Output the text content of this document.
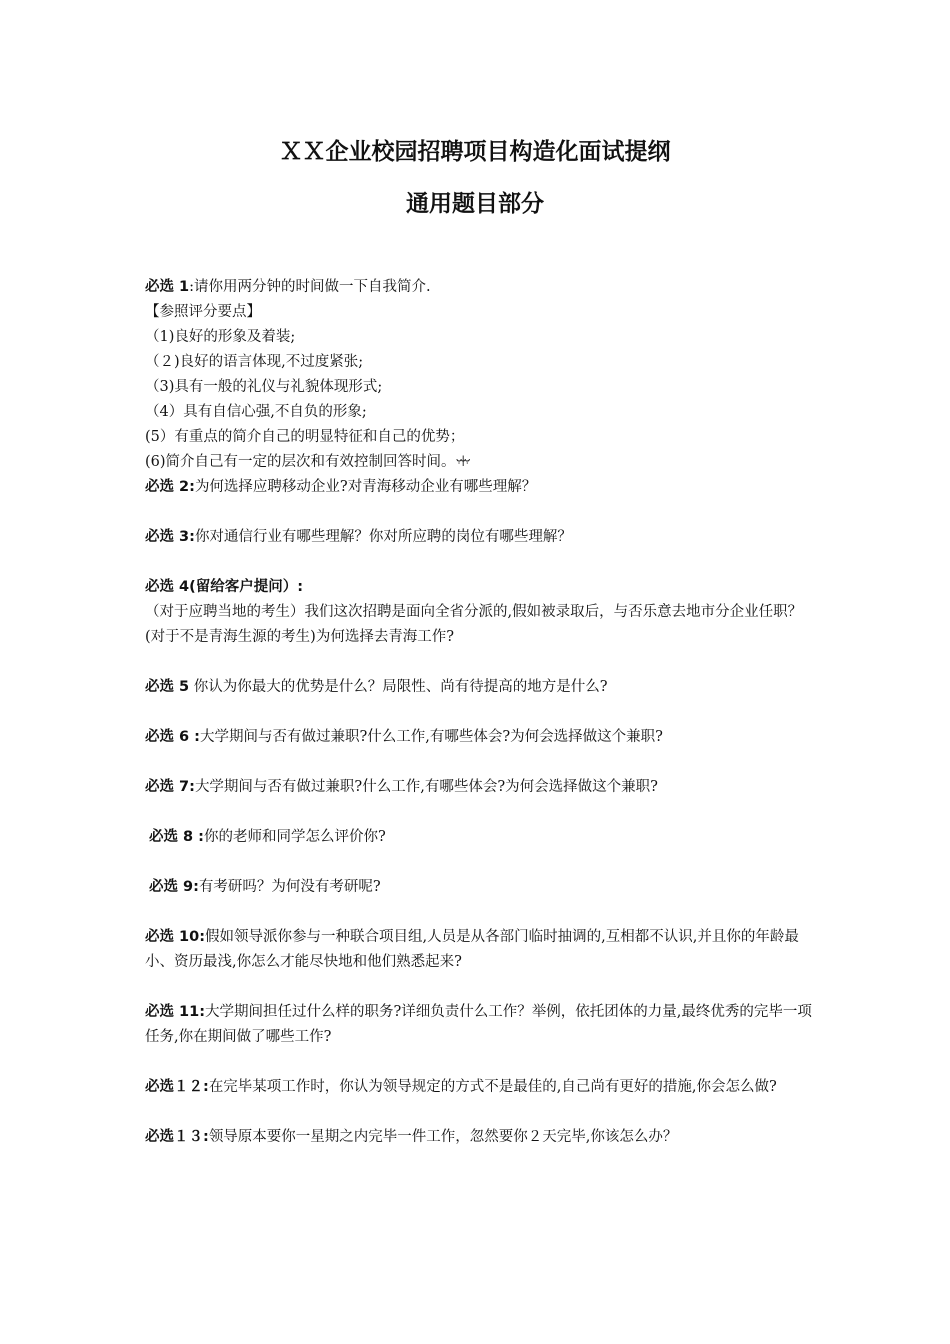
ＸＸ企业校园招聘项目构造化面试提纲
通用题目部分
必选 1:请你用两分钟的时间做一下自我简介.
【参照评分要点】
（1)良好的形象及着装;
（２)良好的语言体现,不过度紧张;
（3)具有一般的礼仪与礼貌体现形式;
（4）具有自信心强,不自负的形象;
(5）有重点的简介自己的明显特征和自己的优势；
(6)简介自己有一定的层次和有效控制回答时间。ꗼ
必选 2:为何选择应聘移动企业?对青海移动企业有哪些理解？
必选 3:你对通信行业有哪些理解？你对所应聘的岗位有哪些理解？
必选 4(留给客户提问）:
（对于应聘当地的考生）我们这次招聘是面向全省分派的,假如被录取后，与否乐意去地市分企业任职？
(对于不是青海生源的考生)为何选择去青海工作?
必选 5 你认为你最大的优势是什么？局限性、尚有待提高的地方是什么?
必选 6 :大学期间与否有做过兼职?什么工作,有哪些体会?为何会选择做这个兼职?
必选 7:大学期间与否有做过兼职?什么工作,有哪些体会?为何会选择做这个兼职?
必选 8 :你的老师和同学怎么评价你?
必选 9:有考研吗？为何没有考研呢?
必选 10:假如领导派你参与一种联合项目组,人员是从各部门临时抽调的,互相都不认识,并且你的年龄最小、资历最浅,你怎么才能尽快地和他们熟悉起来?
必选 11:大学期间担任过什么样的职务?详细负责什么工作？举例，依托团体的力量,最终优秀的完毕一项任务,你在期间做了哪些工作?
必选１２:在完毕某项工作时，你认为领导规定的方式不是最佳的,自己尚有更好的措施,你会怎么做?
必选１３:领导原本要你一星期之内完毕一件工作，忽然要你２天完毕,你该怎么办？
